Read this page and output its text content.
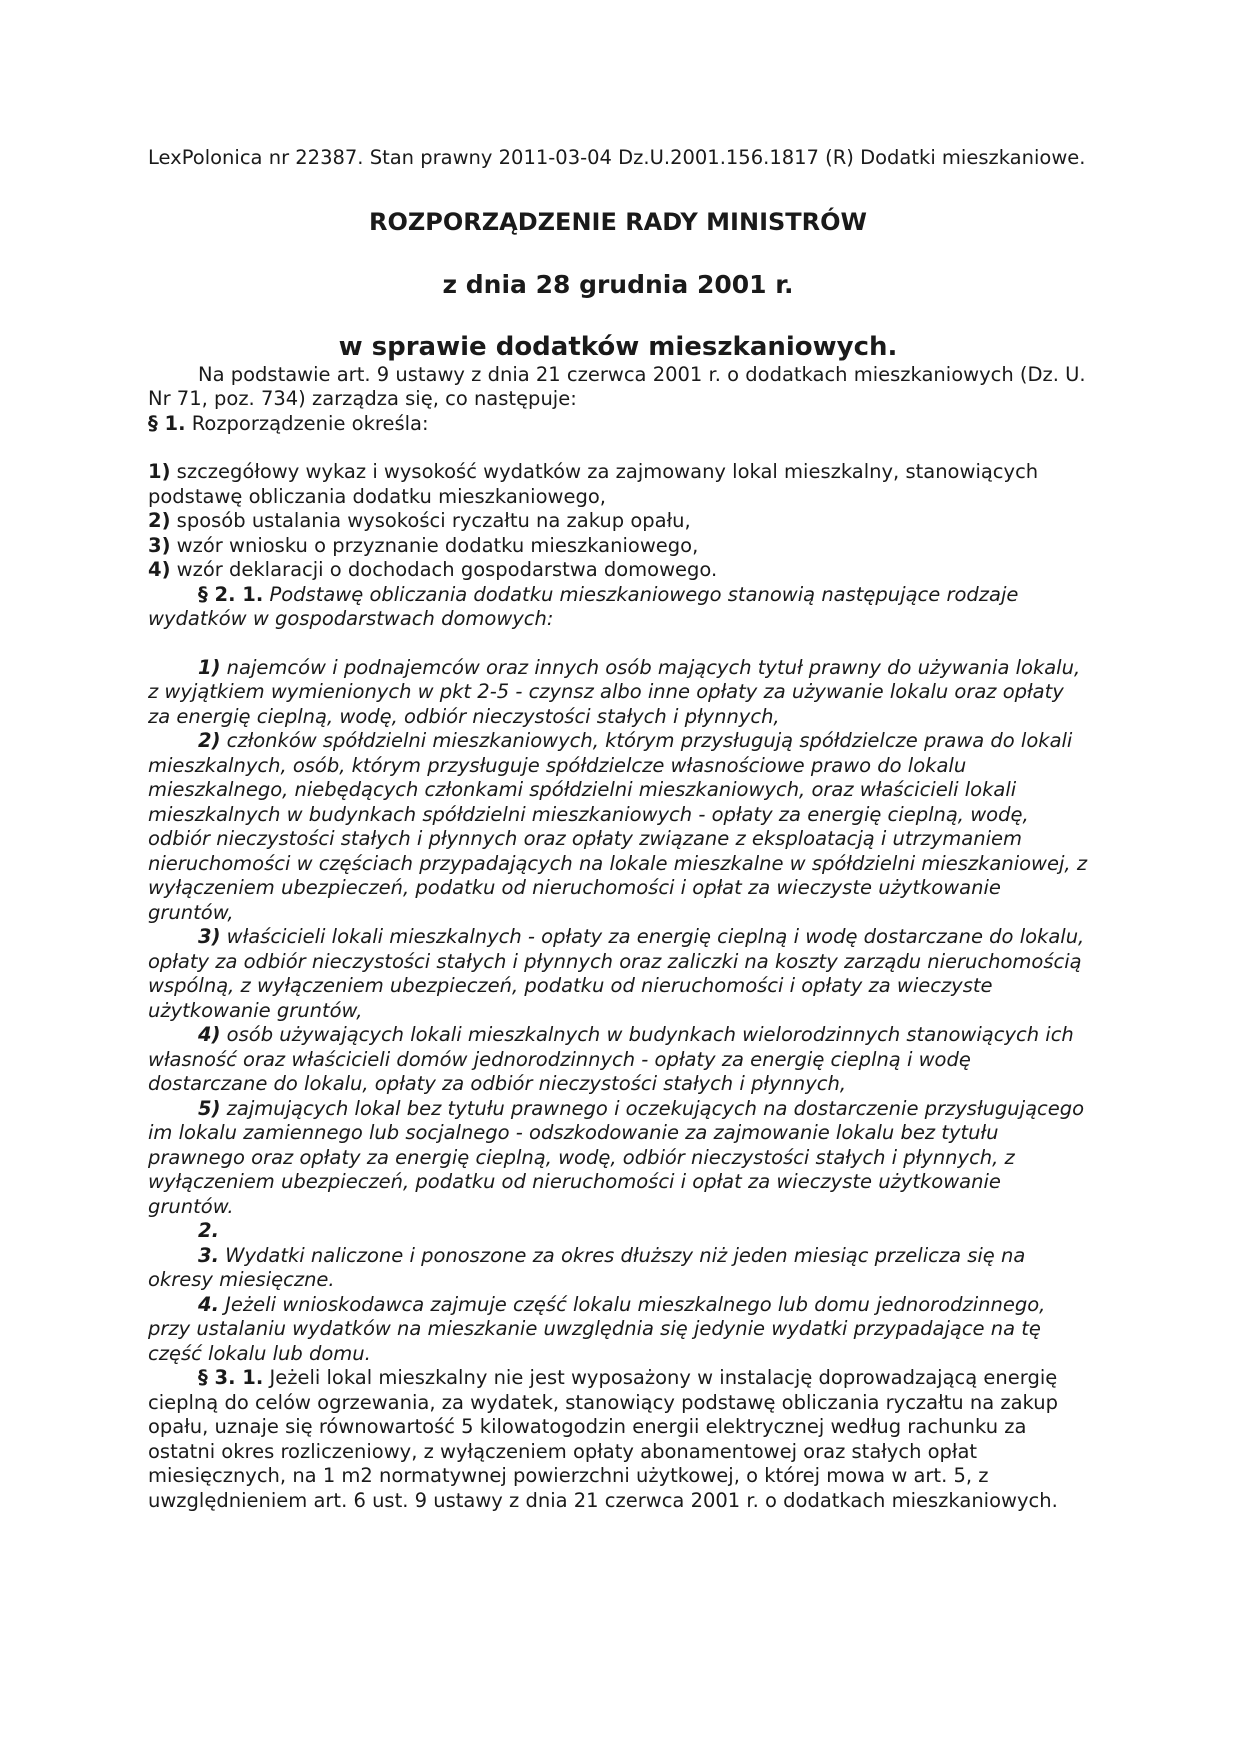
LexPolonica nr 22387. Stan prawny 2011-03-04 Dz.U.2001.156.1817 (R) Dodatki mieszkaniowe.

ROZPORZĄDZENIE RADY MINISTRÓW
z dnia 28 grudnia 2001 r.
w sprawie dodatków mieszkaniowych.

Na podstawie art. 9 ustawy z dnia 21 czerwca 2001 r. o dodatkach mieszkaniowych (Dz. U. Nr 71, poz. 734) zarządza się, co następuje:

§ 1. Rozporządzenie określa:

1) szczegółowy wykaz i wysokość wydatków za zajmowany lokal mieszkalny, stanowiących podstawę obliczania dodatku mieszkaniowego,

2) sposób ustalania wysokości ryczałtu na zakup opału,

3) wzór wniosku o przyznanie dodatku mieszkaniowego,

4) wzór deklaracji o dochodach gospodarstwa domowego.

§ 2. 1. Podstawę obliczania dodatku mieszkaniowego stanowią następujące rodzaje wydatków w gospodarstwach domowych:

1) najemców i podnajemców oraz innych osób mających tytuł prawny do używania lokalu, z wyjątkiem wymienionych w pkt 2-5 - czynsz albo inne opłaty za używanie lokalu oraz opłaty za energię cieplną, wodę, odbiór nieczystości stałych i płynnych,

2) członków spółdzielni mieszkaniowych, którym przysługują spółdzielcze prawa do lokali mieszkalnych, osób, którym przysługuje spółdzielcze własnościowe prawo do lokalu mieszkalnego, niebędących członkami spółdzielni mieszkaniowych, oraz właścicieli lokali mieszkalnych w budynkach spółdzielni mieszkaniowych - opłaty za energię cieplną, wodę, odbiór nieczystości stałych i płynnych oraz opłaty związane z eksploatacją i utrzymaniem nieruchomości w częściach przypadających na lokale mieszkalne w spółdzielni mieszkaniowej, z wyłączeniem ubezpieczeń, podatku od nieruchomości i opłat za wieczyste użytkowanie gruntów,

3) właścicieli lokali mieszkalnych - opłaty za energię cieplną i wodę dostarczane do lokalu, opłaty za odbiór nieczystości stałych i płynnych oraz zaliczki na koszty zarządu nieruchomością wspólną, z wyłączeniem ubezpieczeń, podatku od nieruchomości i opłaty za wieczyste użytkowanie gruntów,

4) osób używających lokali mieszkalnych w budynkach wielorodzinnych stanowiących ich własność oraz właścicieli domów jednorodzinnych - opłaty za energię cieplną i wodę dostarczane do lokalu, opłaty za odbiór nieczystości stałych i płynnych,

5) zajmujących lokal bez tytułu prawnego i oczekujących na dostarczenie przysługującego im lokalu zamiennego lub socjalnego - odszkodowanie za zajmowanie lokalu bez tytułu prawnego oraz opłaty za energię cieplną, wodę, odbiór nieczystości stałych i płynnych, z wyłączeniem ubezpieczeń, podatku od nieruchomości i opłat za wieczyste użytkowanie gruntów.

2.

3. Wydatki naliczone i ponoszone za okres dłuższy niż jeden miesiąc przelicza się na okresy miesięczne.

4. Jeżeli wnioskodawca zajmuje część lokalu mieszkalnego lub domu jednorodzinnego, przy ustalaniu wydatków na mieszkanie uwzględnia się jedynie wydatki przypadające na tę część lokalu lub domu.

§ 3. 1. Jeżeli lokal mieszkalny nie jest wyposażony w instalację doprowadzającą energię cieplną do celów ogrzewania, za wydatek, stanowiący podstawę obliczania ryczałtu na zakup opału, uznaje się równowartość 5 kilowatogodzin energii elektrycznej według rachunku za ostatni okres rozliczeniowy, z wyłączeniem opłaty abonamentowej oraz stałych opłat miesięcznych, na 1 m2 normatywnej powierzchni użytkowej, o której mowa w art. 5, z uwzględnieniem art. 6 ust. 9 ustawy z dnia 21 czerwca 2001 r. o dodatkach mieszkaniowych.
